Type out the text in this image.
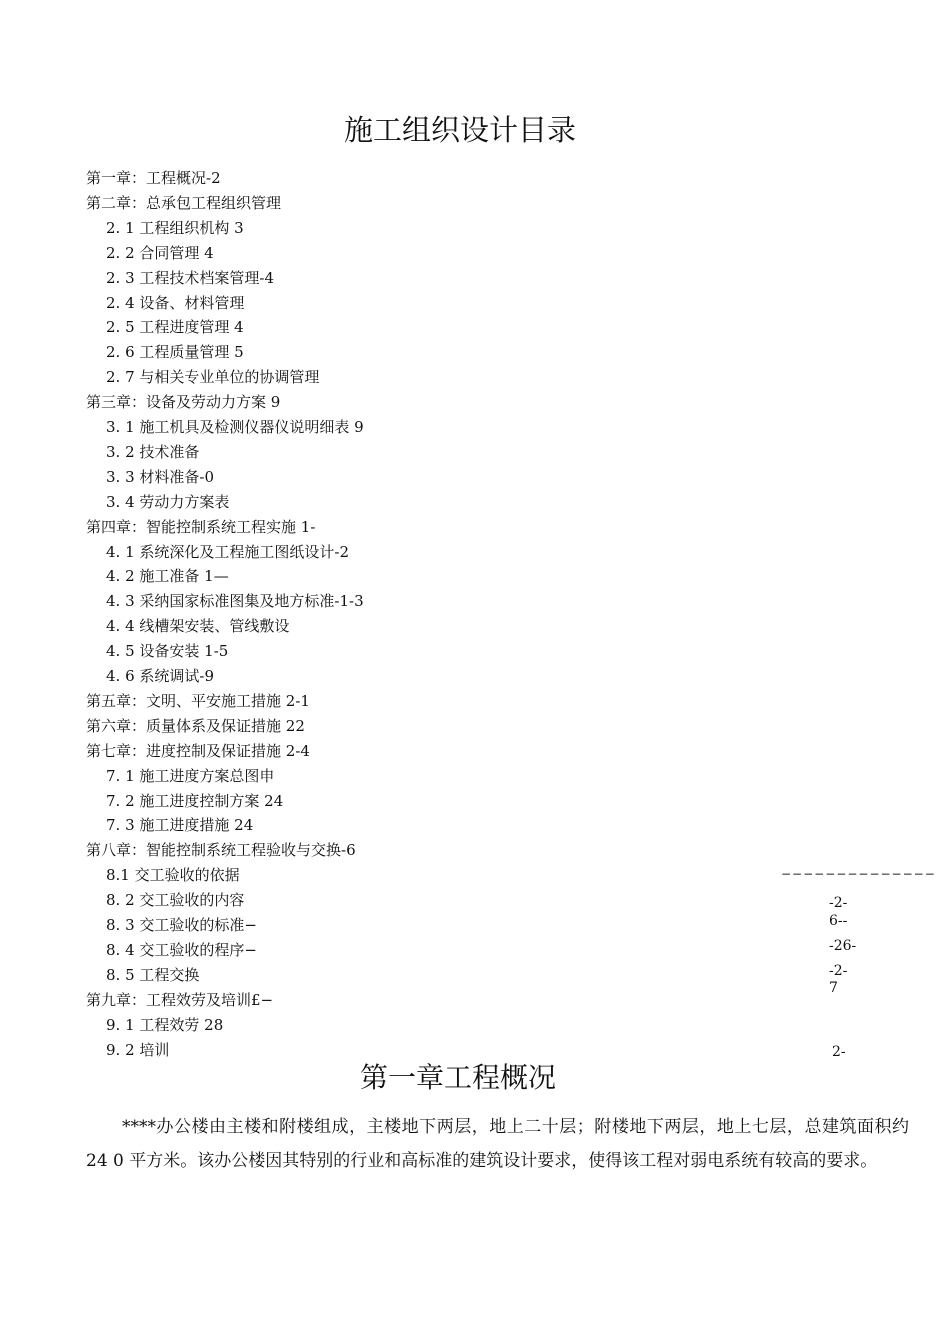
施工组织设计目录
第一章：工程概况-2
第二章：总承包工程组织管理
2. 1 工程组织机构 3
2. 2 合同管理 4
2. 3 工程技术档案管理-4
2. 4 设备、材料管理
2. 5 工程进度管理 4
2. 6 工程质量管理 5
2. 7 与相关专业单位的协调管理
第三章：设备及劳动力方案 9
3. 1 施工机具及检测仪器仪说明细表 9
3. 2 技术准备
3. 3 材料准备-0
3. 4 劳动力方案表
第四章：智能控制系统工程实施 1-
4. 1 系统深化及工程施工图纸设计-2
4. 2 施工准备 1—
4. 3 采纳国家标准图集及地方标准-1-3
4. 4 线槽架安装、管线敷设
4. 5 设备安装 1-5
4. 6 系统调试-9
第五章：文明、平安施工措施 2-1
第六章：质量体系及保证措施 22
第七章：进度控制及保证措施 2-4
7. 1 施工进度方案总图申
7. 2 施工进度控制方案 24
7. 3 施工进度措施 24
第八章：智能控制系统工程验收与交换-6
8.1 交工验收的依据
8. 2 交工验收的内容
8. 3 交工验收的标准−
8. 4 交工验收的程序−
8. 5 工程交换
第九章：工程效劳及培训£−
9. 1 工程效劳 28
9. 2 培训
−−−−−−−−−−−−−−
-2-
6--
-26-
-2-
7
2-
第一章工程概况
****办公楼由主楼和附楼组成，主楼地下两层，地上二十层；附楼地下两层，地上七层，总建筑面积约 24 0 平方米。该办公楼因其特别的行业和高标准的建筑设计要求，使得该工程对弱电系统有较高的要求。
